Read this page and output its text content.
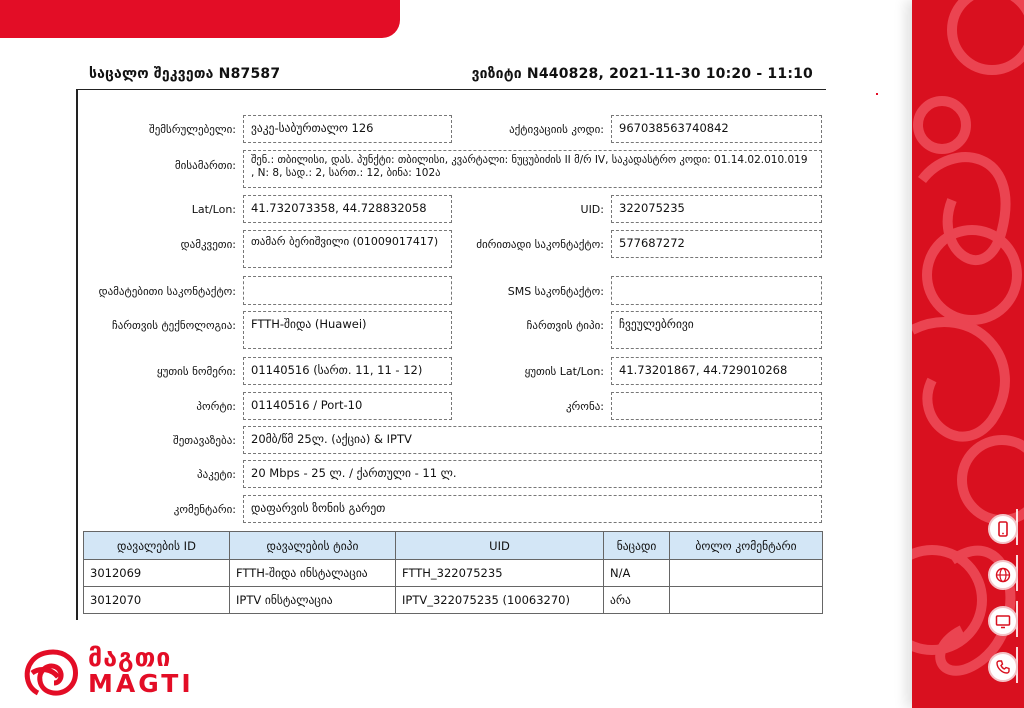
საცალო შეკვეთა N87587	ვიზიტი N440828, 2021-11-30 10:20 - 11:10
შემსრულებელი:	ვაკე-საბურთალო 126	აქტივაციის კოდი:	967038563740842
მისამართი:	შენ.: თბილისი, დას. პუნქტი: თბილისი, კვარტალი: ნუცუბიძის II მ/რ IV, საკადასტრო კოდი: 01.14.02.010.019 , N: 8, სად.: 2, სართ.: 12, ბინა: 102ა
Lat/Lon:	41.732073358, 44.728832058	UID:	322075235
დამკვეთი:	თამარ ბერიშვილი (01009017417)	ძირითადი საკონტაქტო:	577687272
დამატებითი საკონტაქტო:	SMS საკონტაქტო:
ჩართვის ტექნოლოგია:	FTTH-შიდა (Huawei)	ჩართვის ტიპი:	ჩვეულებრივი
ყუთის ნომერი:	01140516 (სართ. 11, 11 - 12)	ყუთის Lat/Lon:	41.73201867, 44.729010268
პორტი:	01140516 / Port-10	კრონა:
შეთავაზება:	20მბ/წმ 25ლ. (აქცია) & IPTV
პაკეტი:	20 Mbps - 25 ლ. / ქართული - 11 ლ.
კომენტარი:	დაფარვის ზონის გარეთ
დავალების ID	დავალების ტიპი	UID	ნაცადი	ბოლო კომენტარი
3012069	FTTH-შიდა ინსტალაცია	FTTH_322075235	N/A	
3012070	IPTV ინსტალაცია	IPTV_322075235 (10063270)	არა	
მაგთი
MAGTI
